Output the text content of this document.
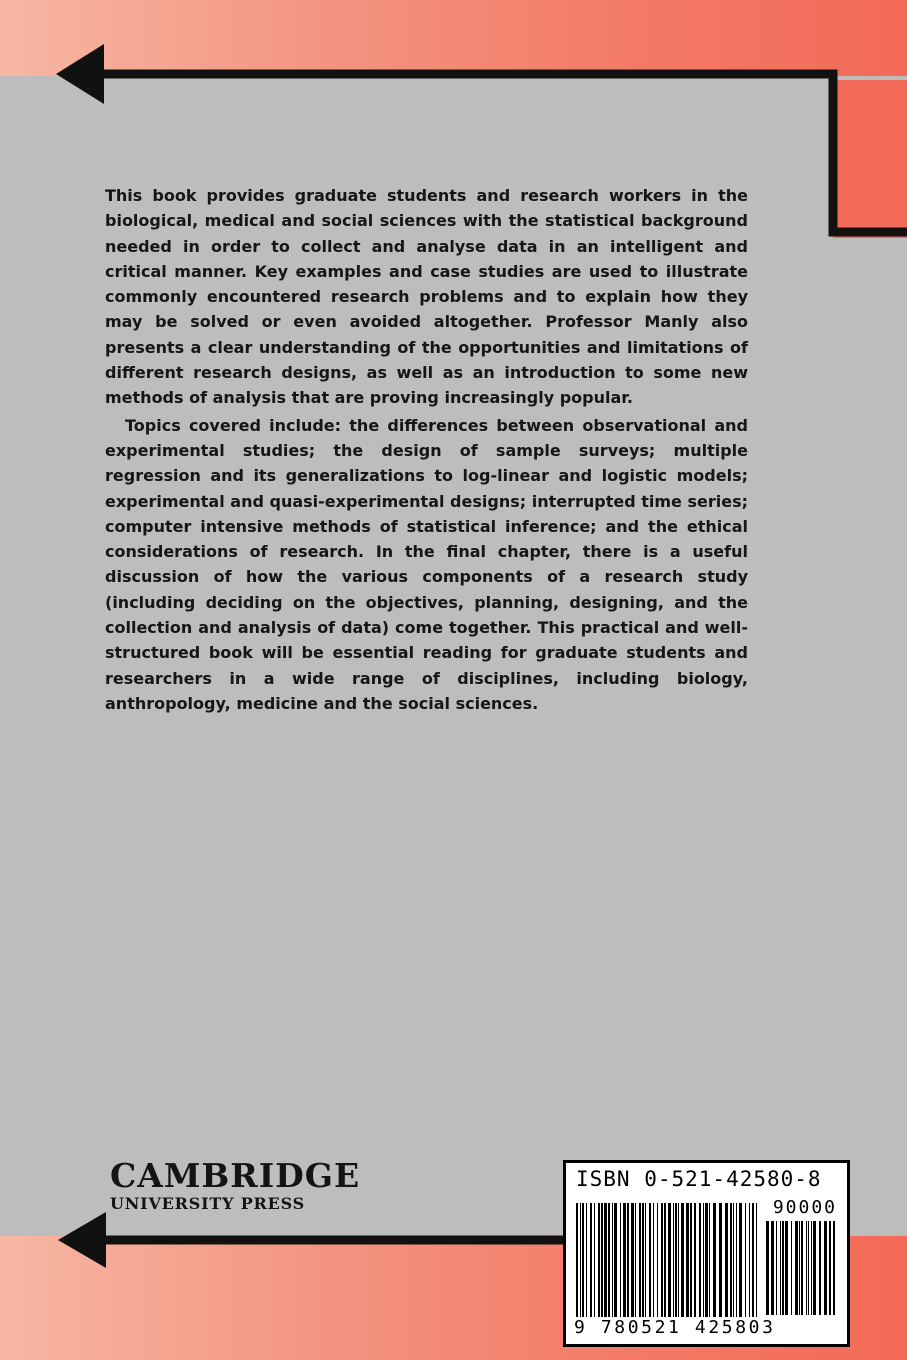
This book provides graduate students and research workers in the biological, medical and social sciences with the statistical background needed in order to collect and analyse data in an intelligent and critical manner. Key examples and case studies are used to illustrate commonly encountered research problems and to explain how they may be solved or even avoided altogether. Professor Manly also presents a clear understanding of the opportunities and limitations of different research designs, as well as an introduction to some new methods of analysis that are proving increasingly popular.

Topics covered include: the differences between observational and experimental studies; the design of sample surveys; multiple regression and its generalizations to log-linear and logistic models; experimental and quasi-experimental designs; interrupted time series; computer intensive methods of statistical inference; and the ethical considerations of research. In the final chapter, there is a useful discussion of how the various components of a research study (including deciding on the objectives, planning, designing, and the collection and analysis of data) come together. This practical and well-structured book will be essential reading for graduate students and researchers in a wide range of disciplines, including biology, anthropology, medicine and the social sciences.

CAMBRIDGE
UNIVERSITY PRESS
ISBN 0-521-42580-8
90000
9 780521 425803
